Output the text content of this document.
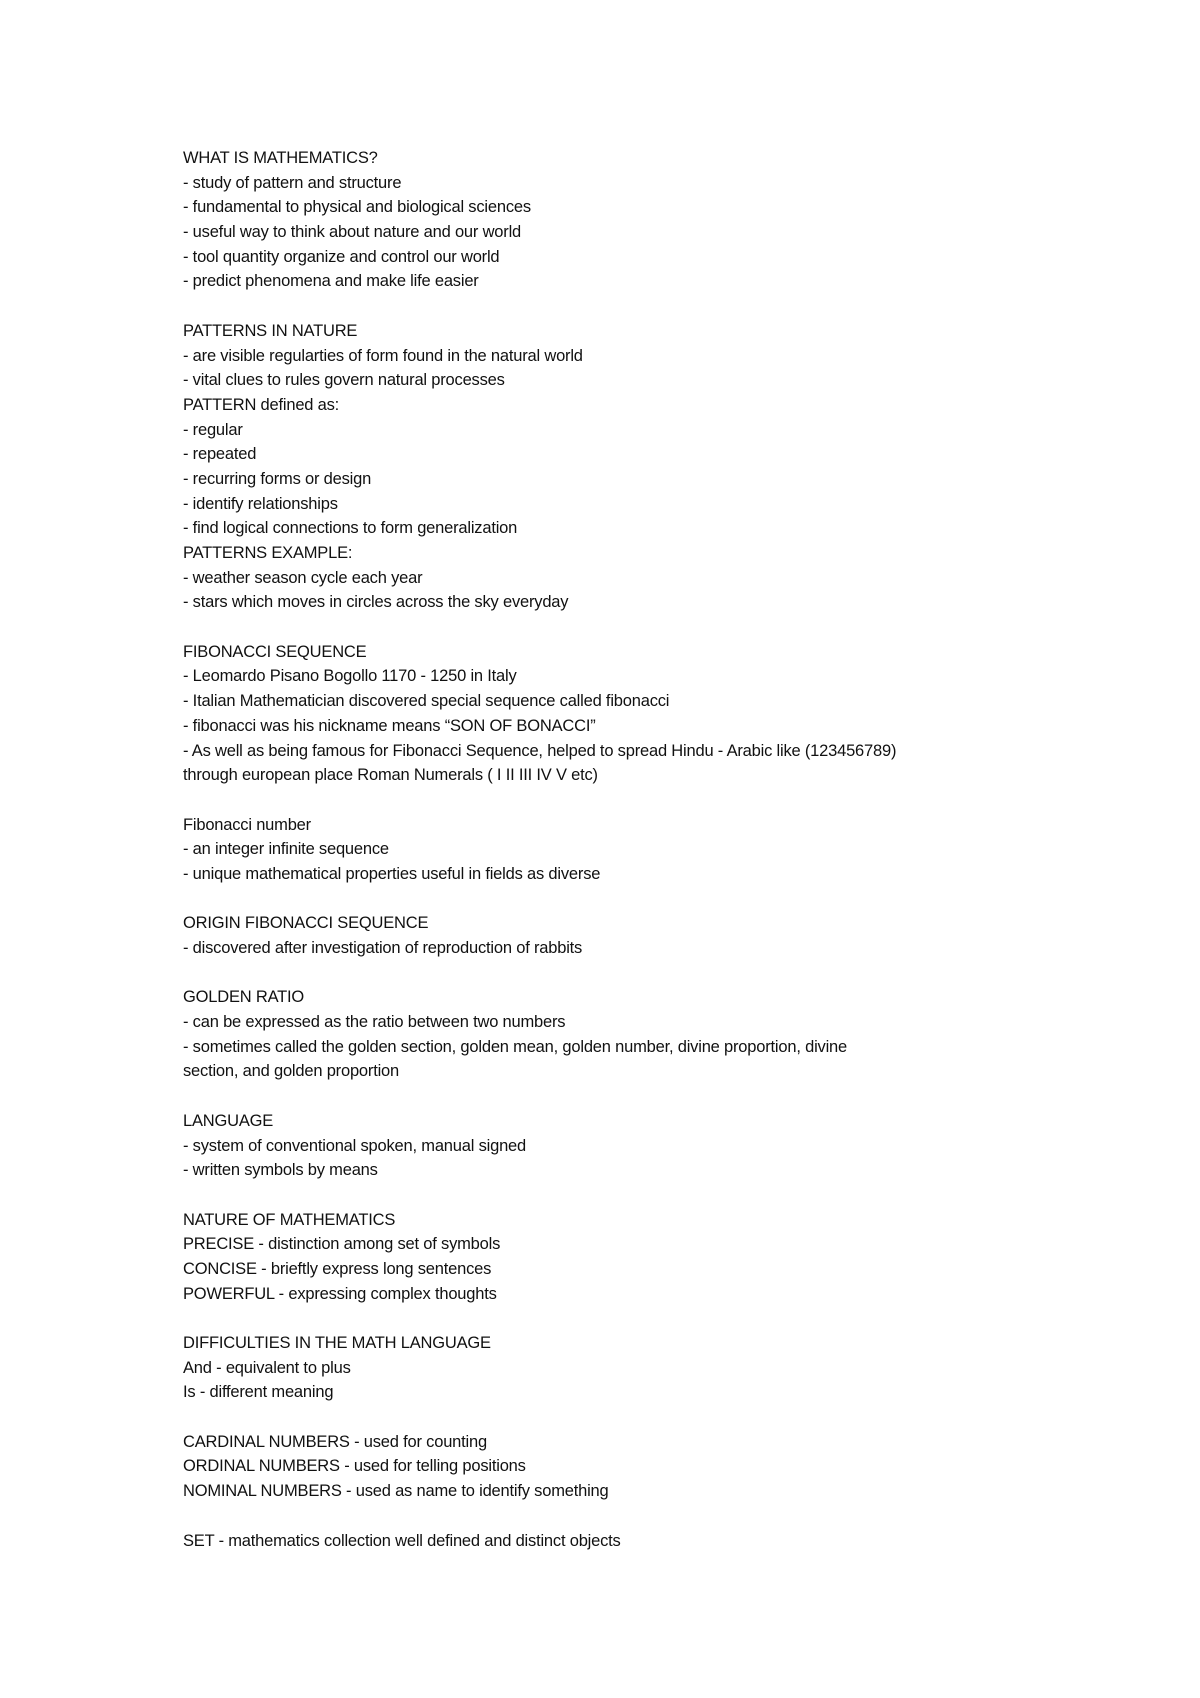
WHAT IS MATHEMATICS?
- study of pattern and structure
- fundamental to physical and biological sciences
- useful way to think about nature and our world
- tool quantity organize and control our world
- predict phenomena and make life easier
PATTERNS IN NATURE
- are visible regularties of form found in the natural world
- vital clues to rules govern natural processes
PATTERN defined as:
- regular
- repeated
- recurring forms or design
- identify relationships
- find logical connections to form generalization
PATTERNS EXAMPLE:
- weather season cycle each year
- stars which moves in circles across the sky everyday
FIBONACCI SEQUENCE
- Leomardo Pisano Bogollo 1170 - 1250 in Italy
- Italian Mathematician discovered special sequence called fibonacci
- fibonacci was his nickname means “SON OF BONACCI”
- As well as being famous for Fibonacci Sequence, helped to spread Hindu - Arabic like (123456789)
through european place Roman Numerals ( I II III IV V etc)
Fibonacci number
- an integer infinite sequence
- unique mathematical properties useful in fields as diverse
ORIGIN FIBONACCI SEQUENCE
- discovered after investigation of reproduction of rabbits
GOLDEN RATIO
- can be expressed as the ratio between two numbers
- sometimes called the golden section, golden mean, golden number, divine proportion, divine
section, and golden proportion
LANGUAGE
- system of conventional spoken, manual signed
- written symbols by means
NATURE OF MATHEMATICS
PRECISE - distinction among set of symbols
CONCISE - brieftly express long sentences
POWERFUL - expressing complex thoughts
DIFFICULTIES IN THE MATH LANGUAGE
And - equivalent to plus
Is - different meaning
CARDINAL NUMBERS - used for counting
ORDINAL NUMBERS - used for telling positions
NOMINAL NUMBERS - used as name to identify something
SET - mathematics collection well defined and distinct objects
